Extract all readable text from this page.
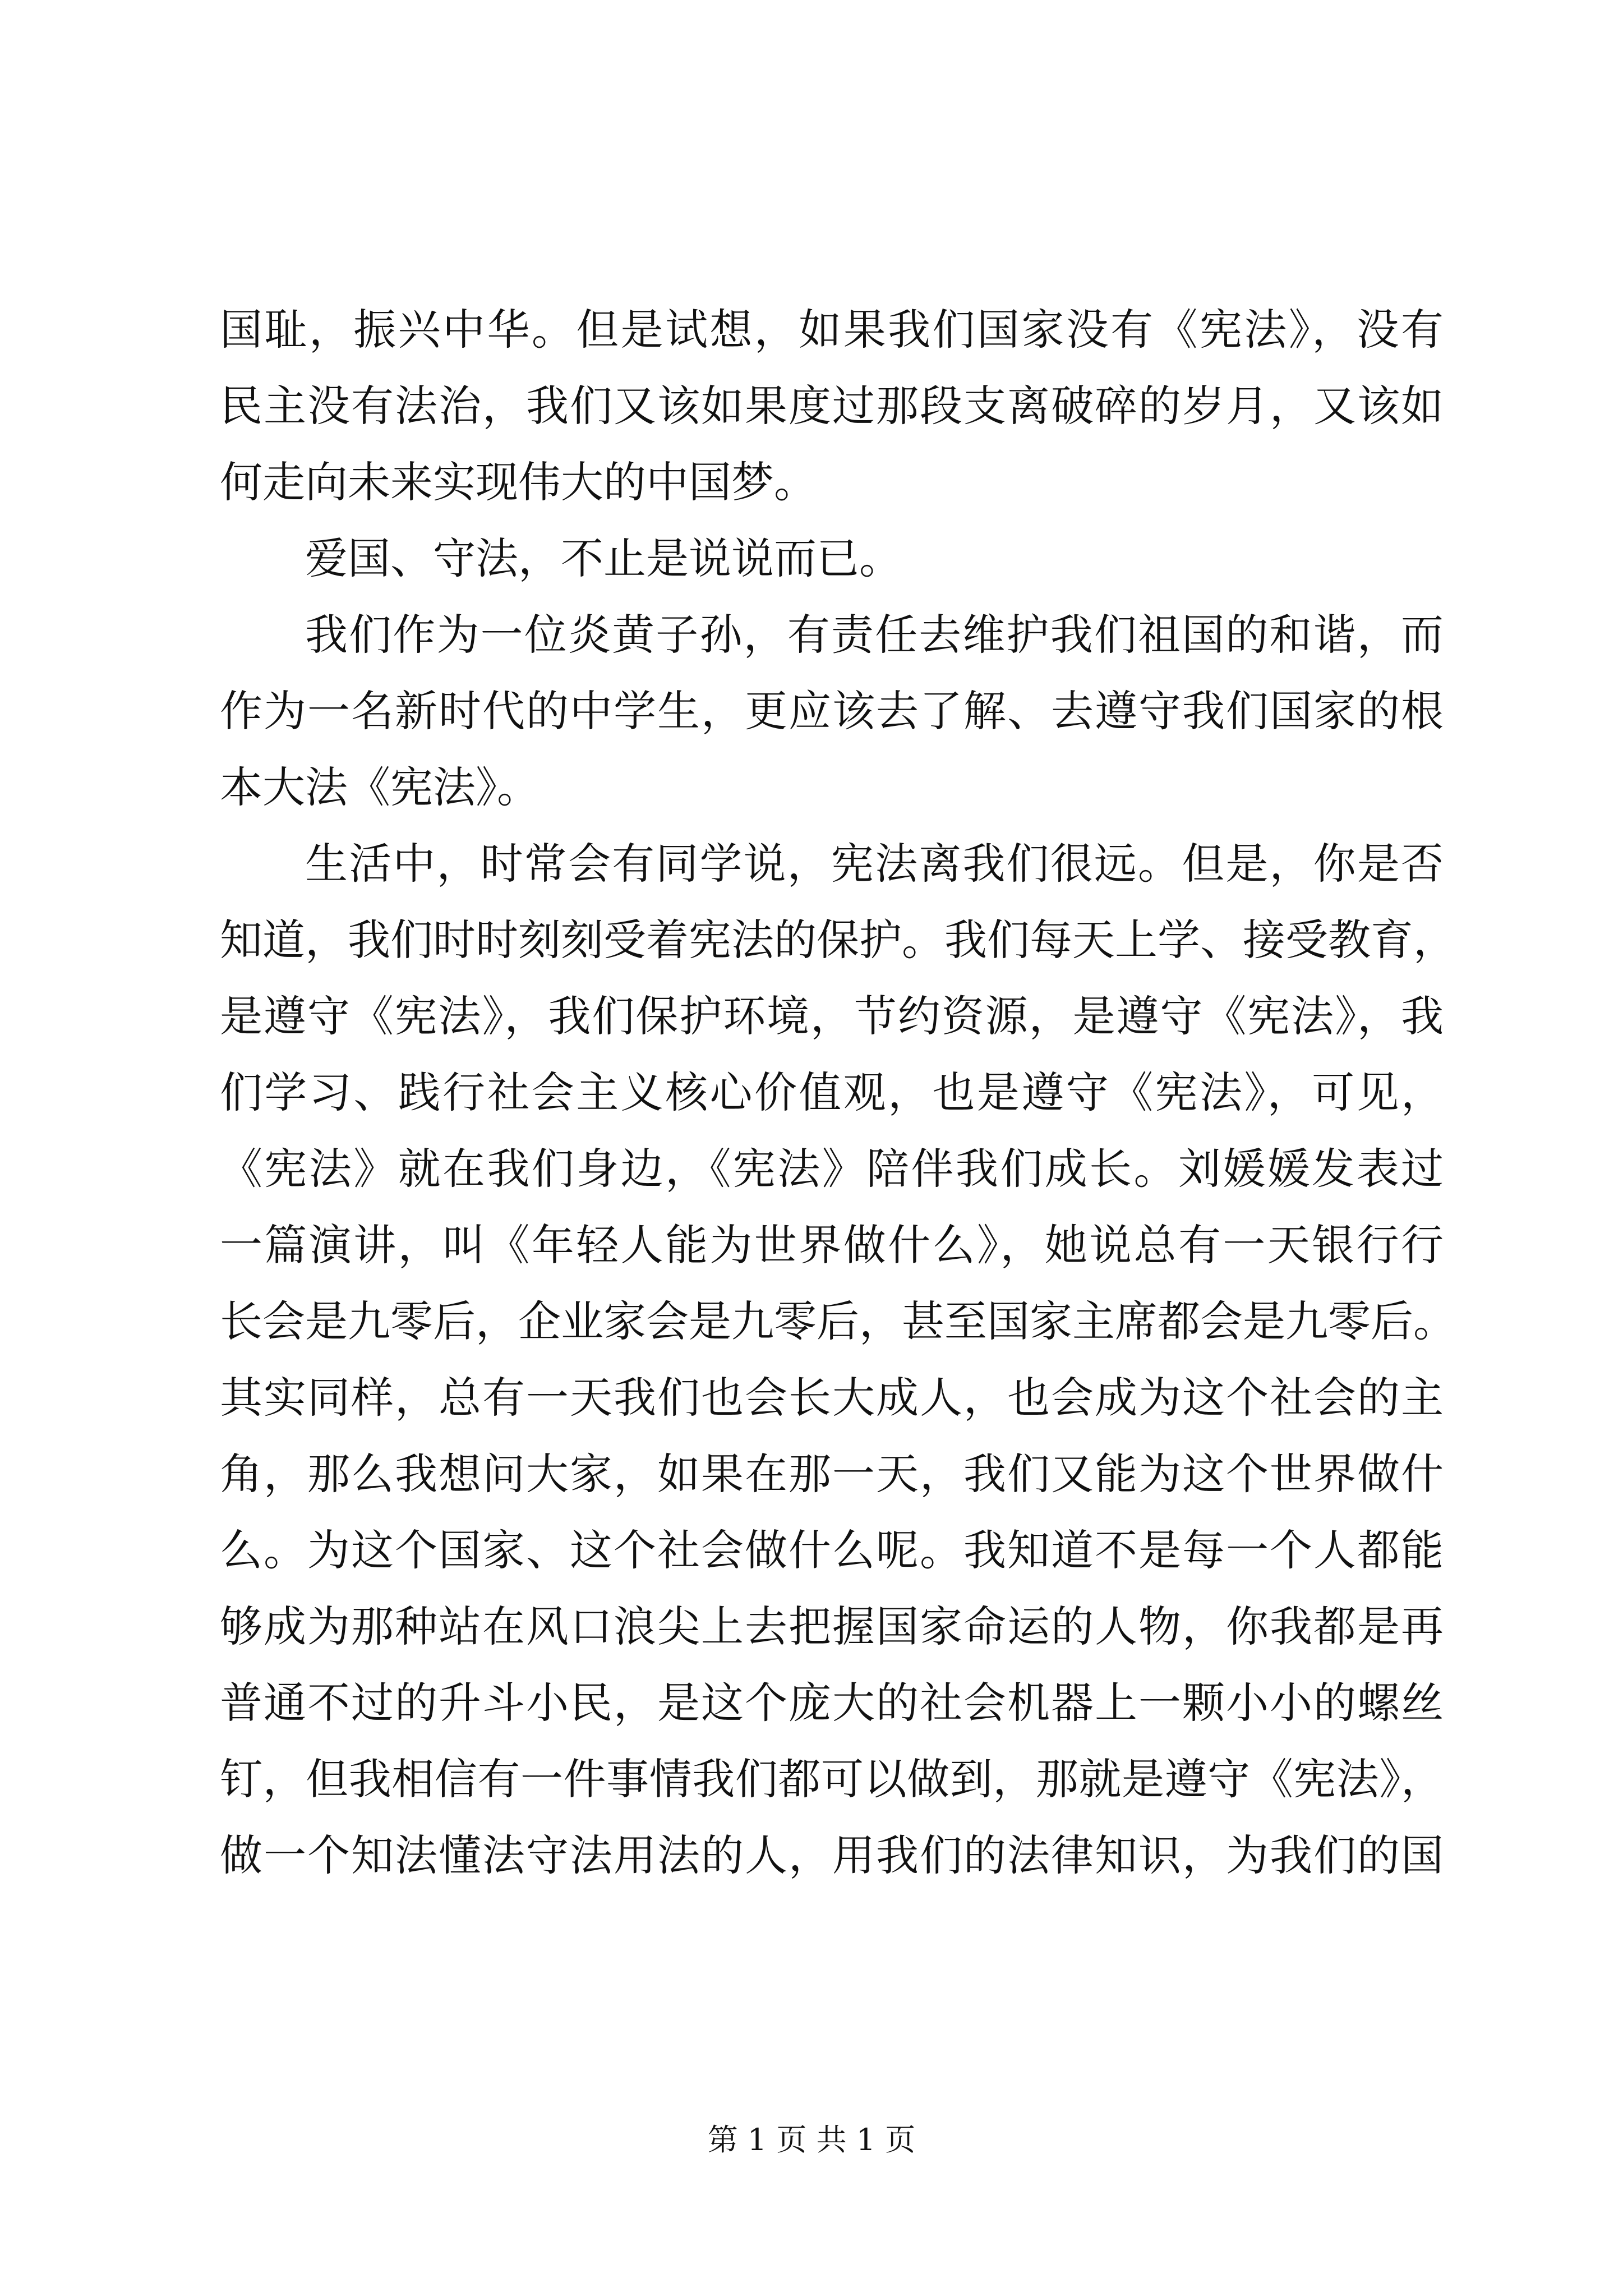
国耻，振兴中华。但是试想，如果我们国家没有《宪法》，没有
民主没有法治，我们又该如果度过那段支离破碎的岁月，又该如
何走向未来实现伟大的中国梦。
爱国、守法，不止是说说而已。
我们作为一位炎黄子孙，有责任去维护我们祖国的和谐，而
作为一名新时代的中学生，更应该去了解、去遵守我们国家的根
本大法《宪法》。
生活中，时常会有同学说，宪法离我们很远。但是，你是否
知道，我们时时刻刻受着宪法的保护。我们每天上学、接受教育，
是遵守《宪法》，我们保护环境，节约资源，是遵守《宪法》，我
们学习、践行社会主义核心价值观，也是遵守《宪法》，可见，
《宪法》就在我们身边，《宪法》陪伴我们成长。刘媛媛发表过
一篇演讲，叫《年轻人能为世界做什么》，她说总有一天银行行
长会是九零后，企业家会是九零后，甚至国家主席都会是九零后。
其实同样，总有一天我们也会长大成人，也会成为这个社会的主
角，那么我想问大家，如果在那一天，我们又能为这个世界做什
么。为这个国家、这个社会做什么呢。我知道不是每一个人都能
够成为那种站在风口浪尖上去把握国家命运的人物，你我都是再
普通不过的升斗小民，是这个庞大的社会机器上一颗小小的螺丝
钉，但我相信有一件事情我们都可以做到，那就是遵守《宪法》，
做一个知法懂法守法用法的人，用我们的法律知识，为我们的国
第 1 页 共 1 页
